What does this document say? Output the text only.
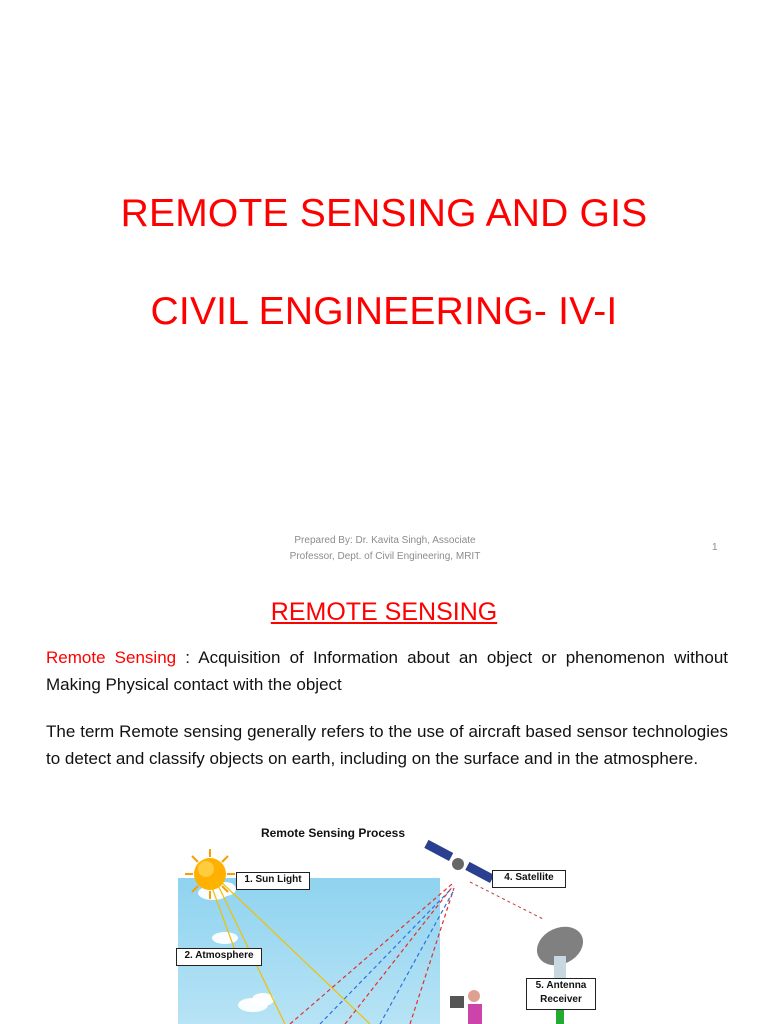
REMOTE SENSING AND GIS
CIVIL ENGINEERING- IV-I
Prepared By: Dr. Kavita Singh, Associate
Professor, Dept. of Civil Engineering, MRIT
1
REMOTE SENSING
Remote Sensing : Acquisition of Information about an object or phenomenon without Making Physical contact with the object
The term Remote sensing generally refers to the use of aircraft based sensor technologies to detect and classify objects on earth, including on the surface and in the atmosphere.
Remote Sensing Process
1. Sun Light
2. Atmosphere
4. Satellite
5. Antenna
Receiver
